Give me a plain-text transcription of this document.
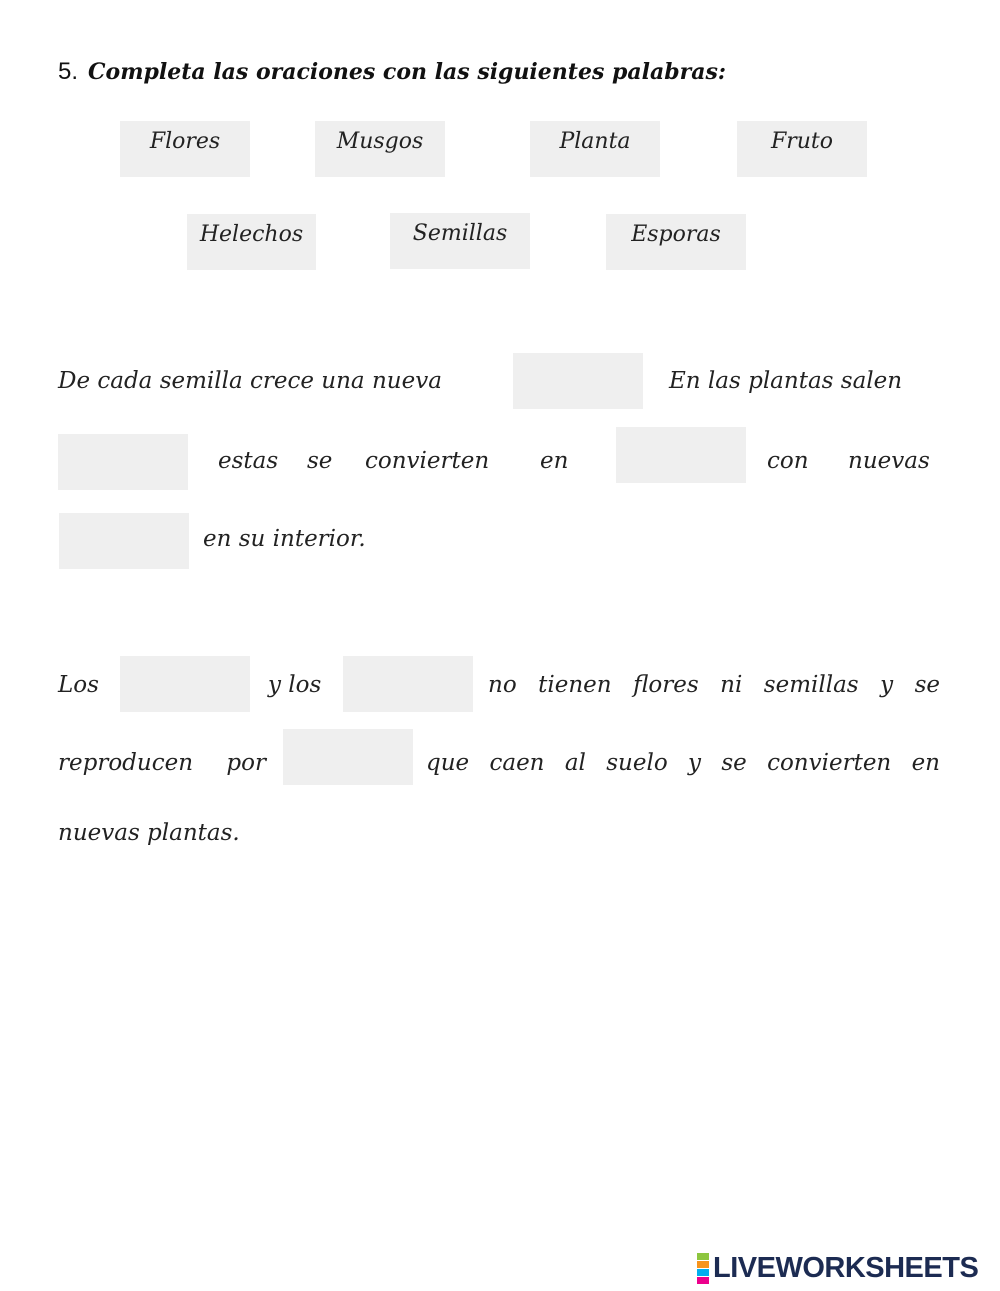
5. Completa las oraciones con las siguientes palabras:
Flores	Musgos	Planta	Fruto
Helechos	Semillas	Esporas
De cada semilla crece una nueva	En las plantas salen
estas se convierten en	con nuevas
en su interior.
Los	y los	no tienen flores ni semillas y se
reproducen por	que caen al suelo y se convierten en
nuevas plantas.
LIVEWORKSHEETS
